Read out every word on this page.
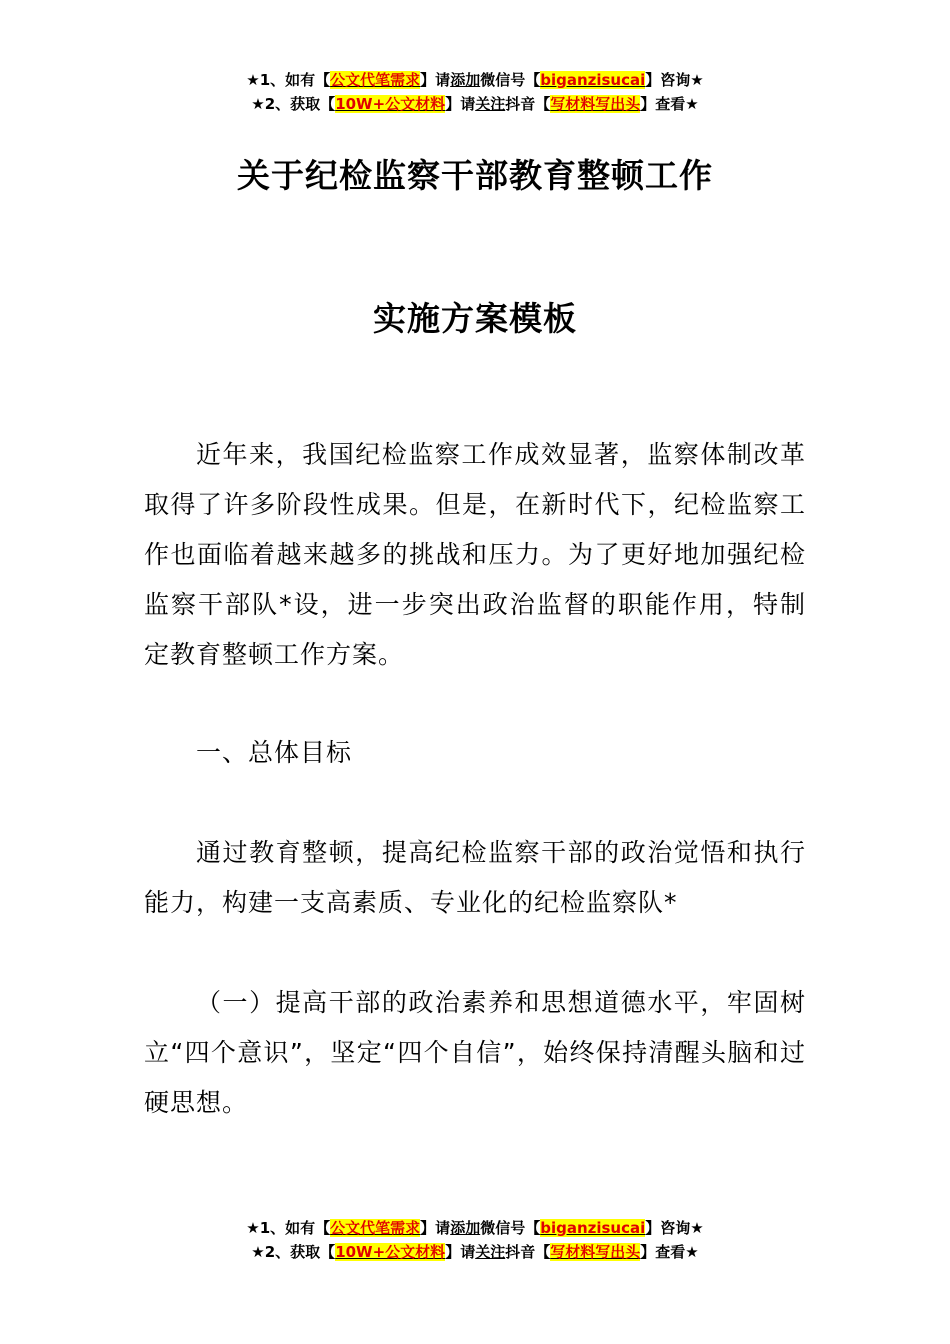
★1、如有【公文代笔需求】请添加微信号【biganzisucai】咨询★
★2、获取【10W+公文材料】请关注抖音【写材料写出头】查看★
关于纪检监察干部教育整顿工作
实施方案模板
近年来，我国纪检监察工作成效显著，监察体制改革取得了许多阶段性成果。但是，在新时代下，纪检监察工作也面临着越来越多的挑战和压力。为了更好地加强纪检监察干部队*设，进一步突出政治监督的职能作用，特制定教育整顿工作方案。
一、总体目标
通过教育整顿，提高纪检监察干部的政治觉悟和执行能力，构建一支高素质、专业化的纪检监察队*
（一）提高干部的政治素养和思想道德水平，牢固树立“四个意识”，坚定“四个自信”，始终保持清醒头脑和过硬思想。
★1、如有【公文代笔需求】请添加微信号【biganzisucai】咨询★
★2、获取【10W+公文材料】请关注抖音【写材料写出头】查看★
